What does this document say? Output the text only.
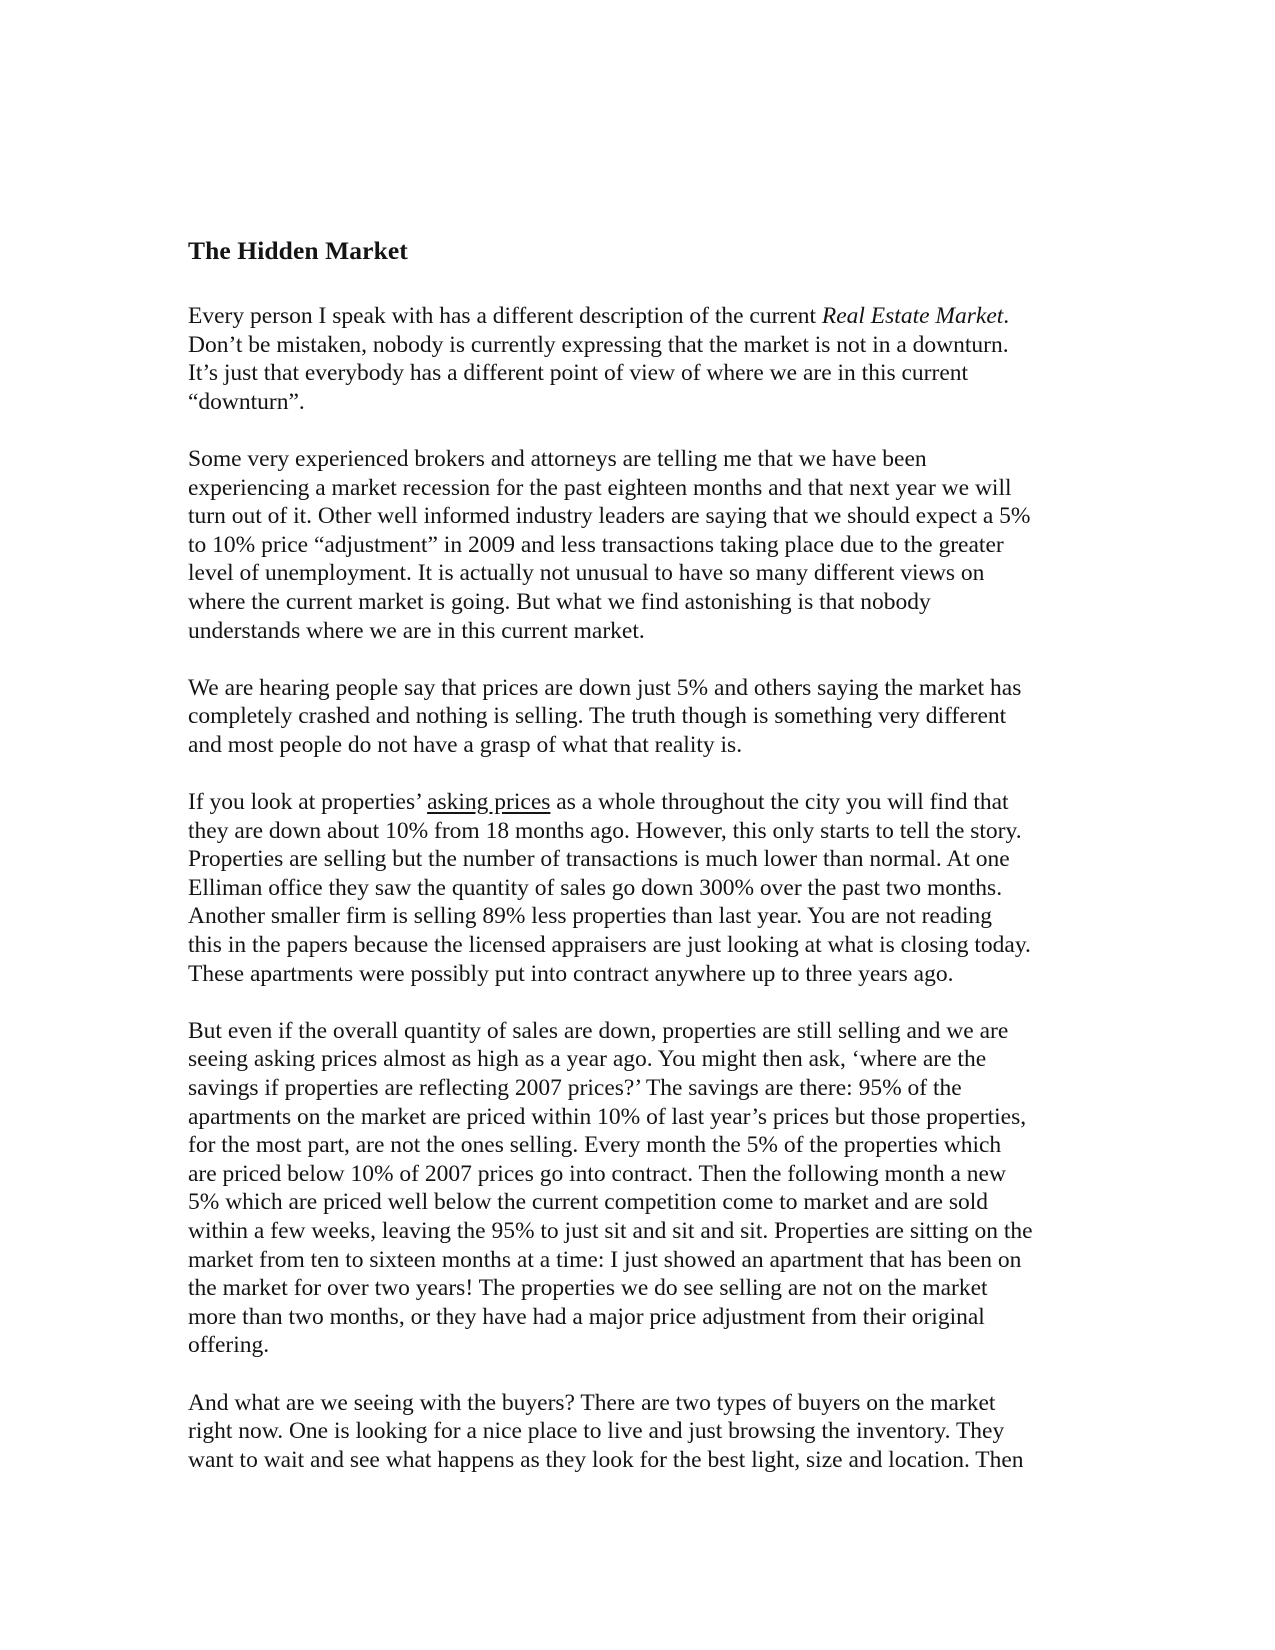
The Hidden Market

Every person I speak with has a different description of the current Real Estate Market.
Don’t be mistaken, nobody is currently expressing that the market is not in a downturn.
It’s just that everybody has a different point of view of where we are in this current
“downturn”.

Some very experienced brokers and attorneys are telling me that we have been
experiencing a market recession for the past eighteen months and that next year we will
turn out of it. Other well informed industry leaders are saying that we should expect a 5%
to 10% price “adjustment” in 2009 and less transactions taking place due to the greater
level of unemployment. It is actually not unusual to have so many different views on
where the current market is going. But what we find astonishing is that nobody
understands where we are in this current market.

We are hearing people say that prices are down just 5% and others saying the market has
completely crashed and nothing is selling. The truth though is something very different
and most people do not have a grasp of what that reality is.

If you look at properties’ asking prices as a whole throughout the city you will find that
they are down about 10% from 18 months ago. However, this only starts to tell the story.
Properties are selling but the number of transactions is much lower than normal. At one
Elliman office they saw the quantity of sales go down 300% over the past two months.
Another smaller firm is selling 89% less properties than last year. You are not reading
this in the papers because the licensed appraisers are just looking at what is closing today.
These apartments were possibly put into contract anywhere up to three years ago.

But even if the overall quantity of sales are down, properties are still selling and we are
seeing asking prices almost as high as a year ago. You might then ask, ‘where are the
savings if properties are reflecting 2007 prices?’ The savings are there: 95% of the
apartments on the market are priced within 10% of last year’s prices but those properties,
for the most part, are not the ones selling. Every month the 5% of the properties which
are priced below 10% of 2007 prices go into contract. Then the following month a new
5% which are priced well below the current competition come to market and are sold
within a few weeks, leaving the 95% to just sit and sit and sit. Properties are sitting on the
market from ten to sixteen months at a time: I just showed an apartment that has been on
the market for over two years! The properties we do see selling are not on the market
more than two months, or they have had a major price adjustment from their original
offering.

And what are we seeing with the buyers? There are two types of buyers on the market
right now. One is looking for a nice place to live and just browsing the inventory. They
want to wait and see what happens as they look for the best light, size and location. Then
